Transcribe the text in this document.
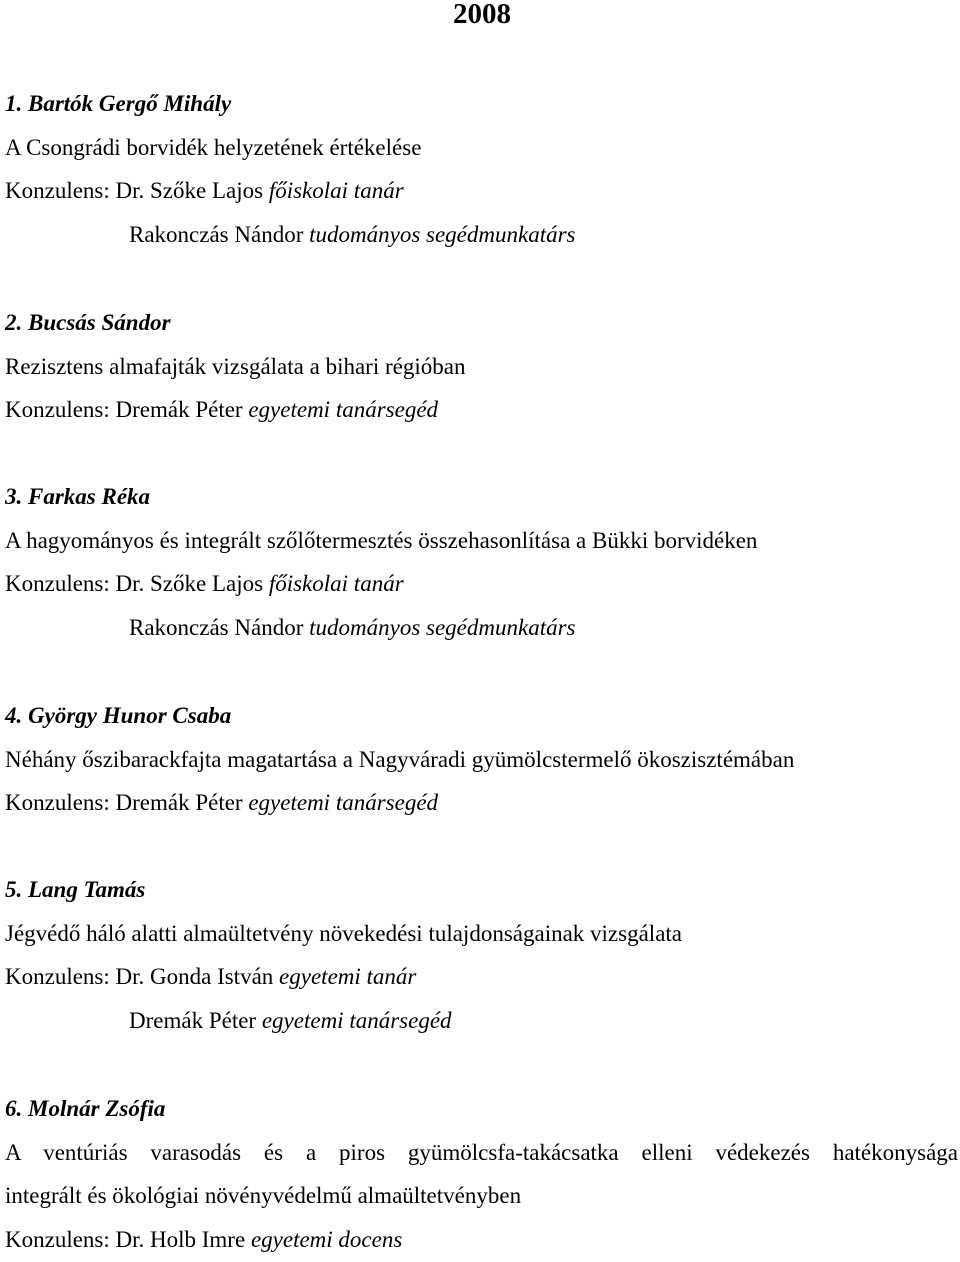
2008
1. Bartók Gergő Mihály
A Csongrádi borvidék helyzetének értékelése
Konzulens: Dr. Szőke Lajos főiskolai tanár
Rakonczás Nándor tudományos segédmunkatárs
2. Bucsás Sándor
Rezisztens almafajták vizsgálata a bihari régióban
Konzulens: Dremák Péter egyetemi tanársegéd
3. Farkas Réka
A hagyományos és integrált szőlőtermesztés összehasonlítása a Bükki borvidéken
Konzulens: Dr. Szőke Lajos főiskolai tanár
Rakonczás Nándor tudományos segédmunkatárs
4. György Hunor Csaba
Néhány őszibarackfajta magatartása a Nagyváradi gyümölcstermelő ökoszisztémában
Konzulens: Dremák Péter egyetemi tanársegéd
5. Lang Tamás
Jégvédő háló alatti almaültetvény növekedési tulajdonságainak vizsgálata
Konzulens: Dr. Gonda István egyetemi tanár
Dremák Péter egyetemi tanársegéd
6. Molnár Zsófia
A ventúriás varasodás és a piros gyümölcsfa-takácsatka elleni védekezés hatékonysága
integrált és ökológiai növényvédelmű almaültetvényben
Konzulens: Dr. Holb Imre egyetemi docens
